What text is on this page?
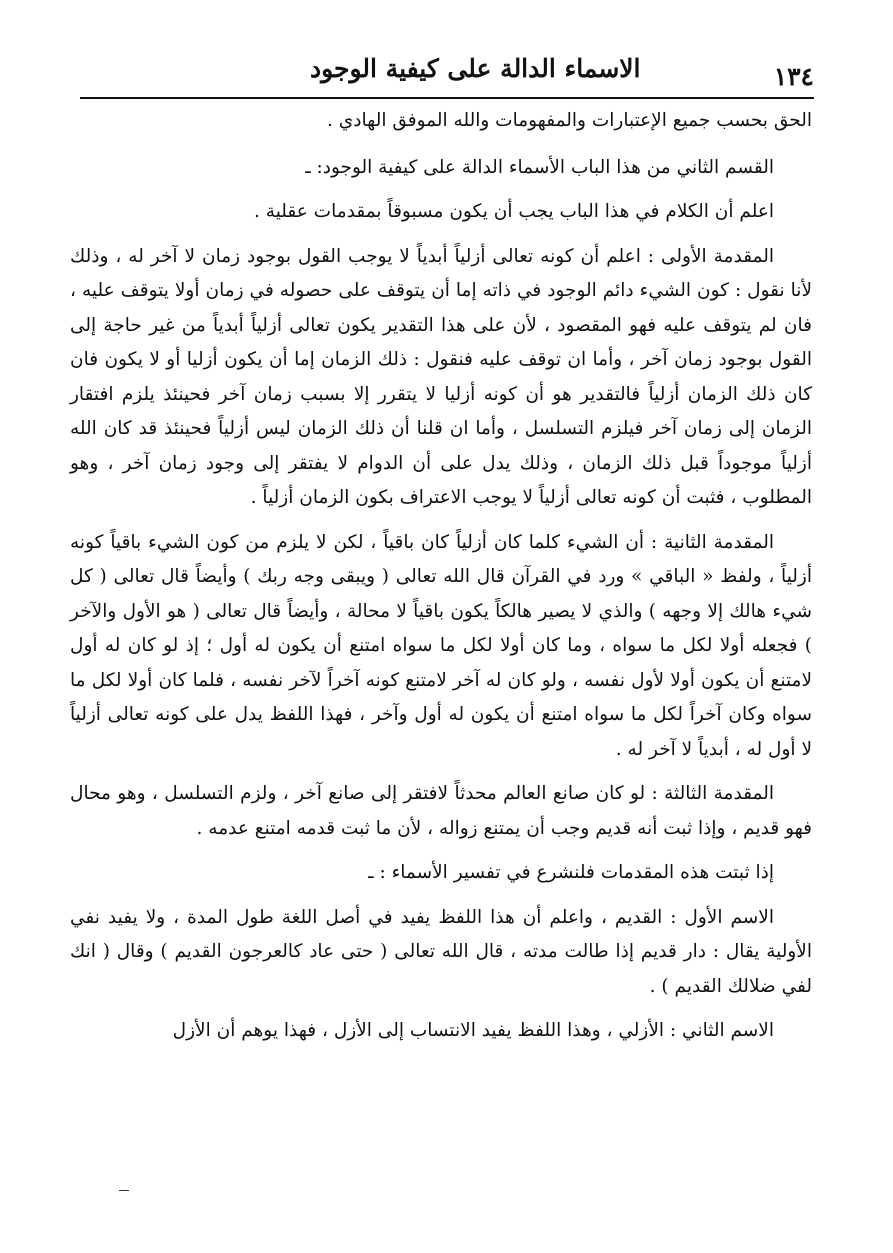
١٣٤
الاسماء الدالة على كيفية الوجود

الحق بحسب جميع الإعتبارات والمفهومات والله الموفق الهادي .

القسم الثاني من هذا الباب الأسماء الدالة على كيفية الوجود: ـ

اعلم أن الكلام في هذا الباب يجب أن يكون مسبوقاً بمقدمات عقلية .

المقدمة الأولى : اعلم أن كونه تعالى أزلياً أبدياً لا يوجب القول بوجود زمان لا آخر له ، وذلك لأنا نقول : كون الشيء دائم الوجود في ذاته إما أن يتوقف على حصوله في زمان أولا يتوقف عليه ، فان لم يتوقف عليه فهو المقصود ، لأن على هذا التقدير يكون تعالى أزلياً أبدياً من غير حاجة إلى القول بوجود زمان آخر ، وأما ان توقف عليه فنقول : ذلك الزمان إما أن يكون أزليا أو لا يكون فان كان ذلك الزمان أزلياً فالتقدير هو أن كونه أزليا لا يتقرر إلا بسبب زمان آخر فحينئذ يلزم افتقار الزمان إلى زمان آخر فيلزم التسلسل ، وأما ان قلنا أن ذلك الزمان ليس أزلياً فحينئذ قد كان الله أزلياً موجوداً قبل ذلك الزمان ، وذلك يدل على أن الدوام لا يفتقر إلى وجود زمان آخر ، وهو المطلوب ، فثبت أن كونه تعالى أزلياً لا يوجب الاعتراف بكون الزمان أزلياً .

المقدمة الثانية : أن الشيء كلما كان أزلياً كان باقياً ، لكن لا يلزم من كون الشيء باقياً كونه أزلياً ، ولفظ « الباقي » ورد في القرآن قال الله تعالى ( ويبقى وجه ربك ) وأيضاً قال تعالى ( كل شيء هالك إلا وجهه ) والذي لا يصير هالكاً يكون باقياً لا محالة ، وأيضاً قال تعالى ( هو الأول والآخر ) فجعله أولا لكل ما سواه ، وما كان أولا لكل ما سواه امتنع أن يكون له أول ؛ إذ لو كان له أول لامتنع أن يكون أولا لأول نفسه ، ولو كان له آخر لامتنع كونه آخراً لآخر نفسه ، فلما كان أولا لكل ما سواه وكان آخراً لكل ما سواه امتنع أن يكون له أول وآخر ، فهذا اللفظ يدل على كونه تعالى أزلياً لا أول له ، أبدياً لا آخر له .

المقدمة الثالثة : لو كان صانع العالم محدثاً لافتقر إلى صانع آخر ، ولزم التسلسل ، وهو محال فهو قديم ، وإذا ثبت أنه قديم وجب أن يمتنع زواله ، لأن ما ثبت قدمه امتنع عدمه .

إذا ثبتت هذه المقدمات فلنشرع في تفسير الأسماء : ـ

الاسم الأول : القديم ، واعلم أن هذا اللفظ يفيد في أصل اللغة طول المدة ، ولا يفيد نفي الأولية يقال : دار قديم إذا طالت مدته ، قال الله تعالى ( حتى عاد كالعرجون القديم ) وقال ( انك لفي ضلالك القديم ) .

الاسم الثاني : الأزلي ، وهذا اللفظ يفيد الانتساب إلى الأزل ، فهذا يوهم أن الأزل
